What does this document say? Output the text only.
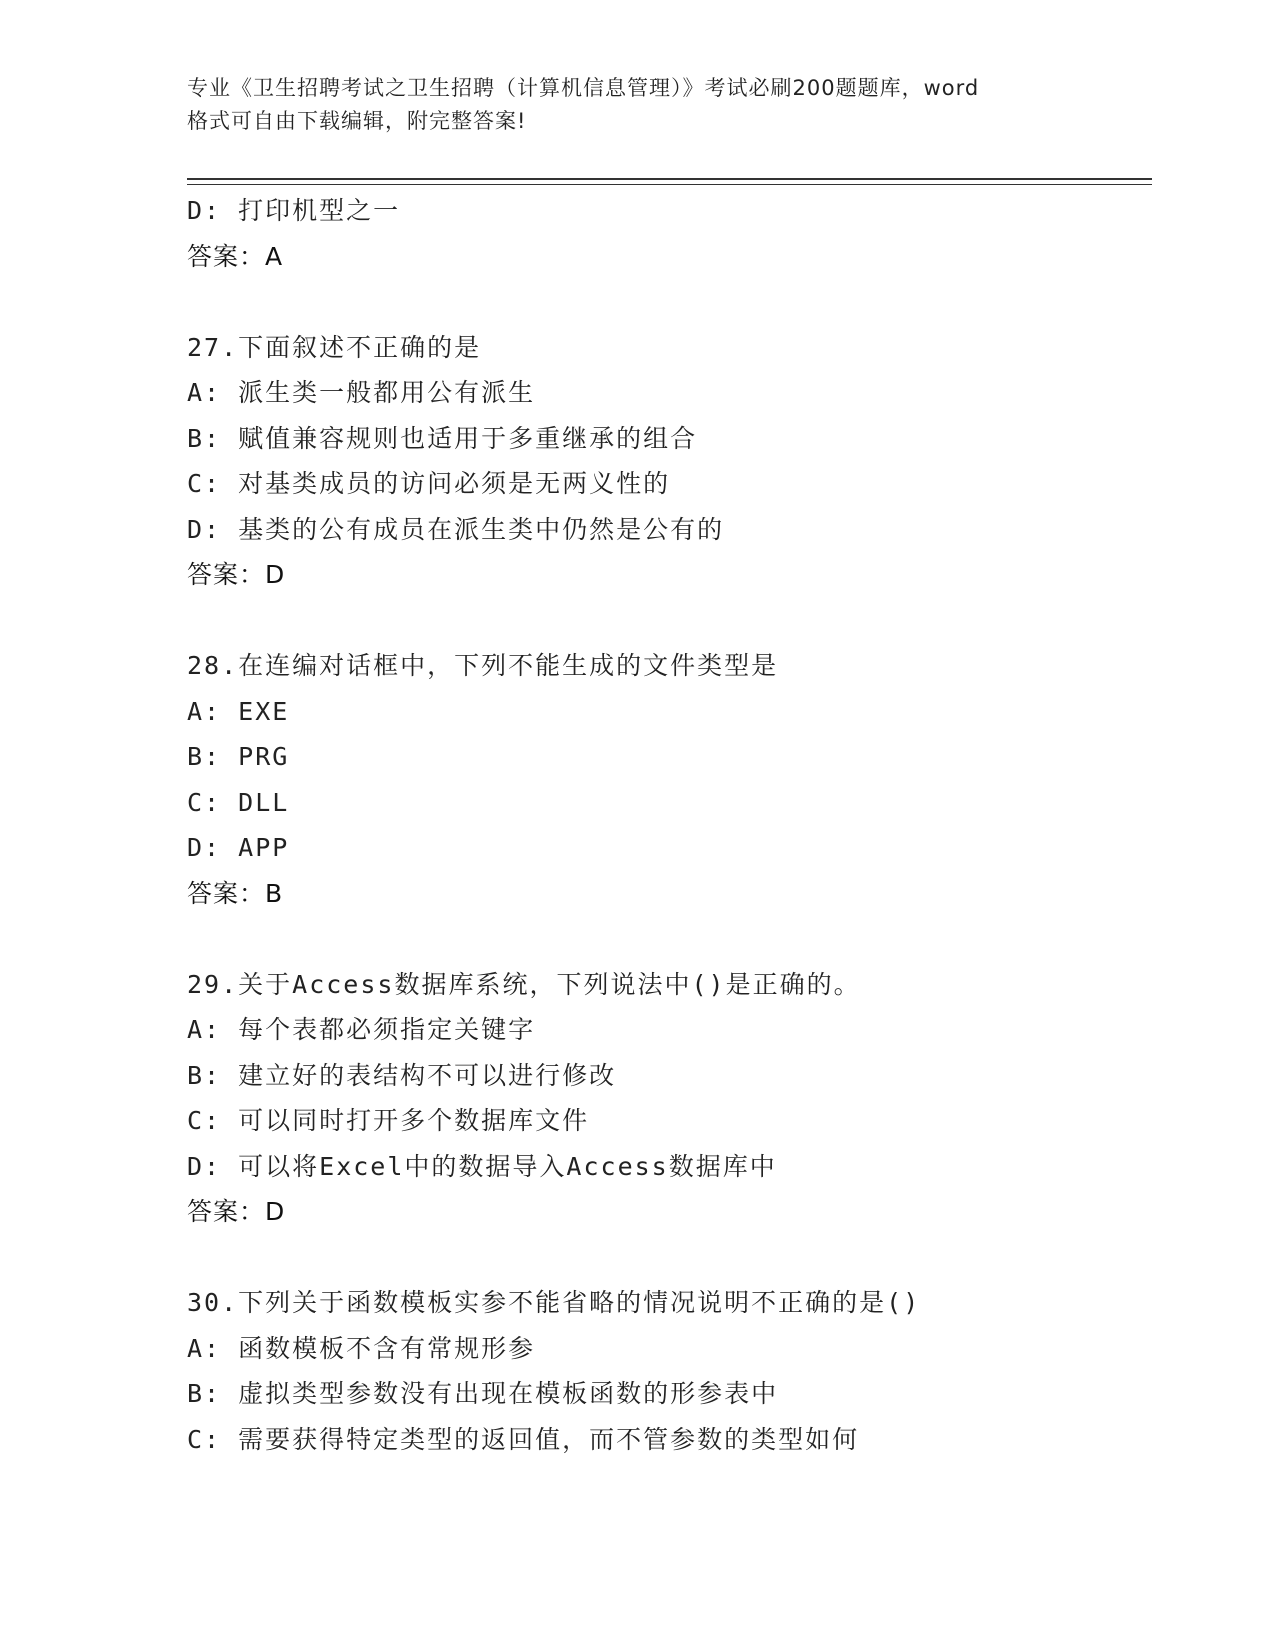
专业《卫生招聘考试之卫生招聘（计算机信息管理）》考试必刷200题题库，word
格式可自由下载编辑，附完整答案!
D: 打印机型之一
答案：A
27.下面叙述不正确的是
A: 派生类一般都用公有派生
B: 赋值兼容规则也适用于多重继承的组合
C: 对基类成员的访问必须是无两义性的
D: 基类的公有成员在派生类中仍然是公有的
答案：D
28.在连编对话框中，下列不能生成的文件类型是
A: EXE
B: PRG
C: DLL
D: APP
答案：B
29.关于Access数据库系统，下列说法中()是正确的。
A: 每个表都必须指定关键字
B: 建立好的表结构不可以进行修改
C: 可以同时打开多个数据库文件
D: 可以将Excel中的数据导入Access数据库中
答案：D
30.下列关于函数模板实参不能省略的情况说明不正确的是()
A: 函数模板不含有常规形参
B: 虚拟类型参数没有出现在模板函数的形参表中
C: 需要获得特定类型的返回值，而不管参数的类型如何
